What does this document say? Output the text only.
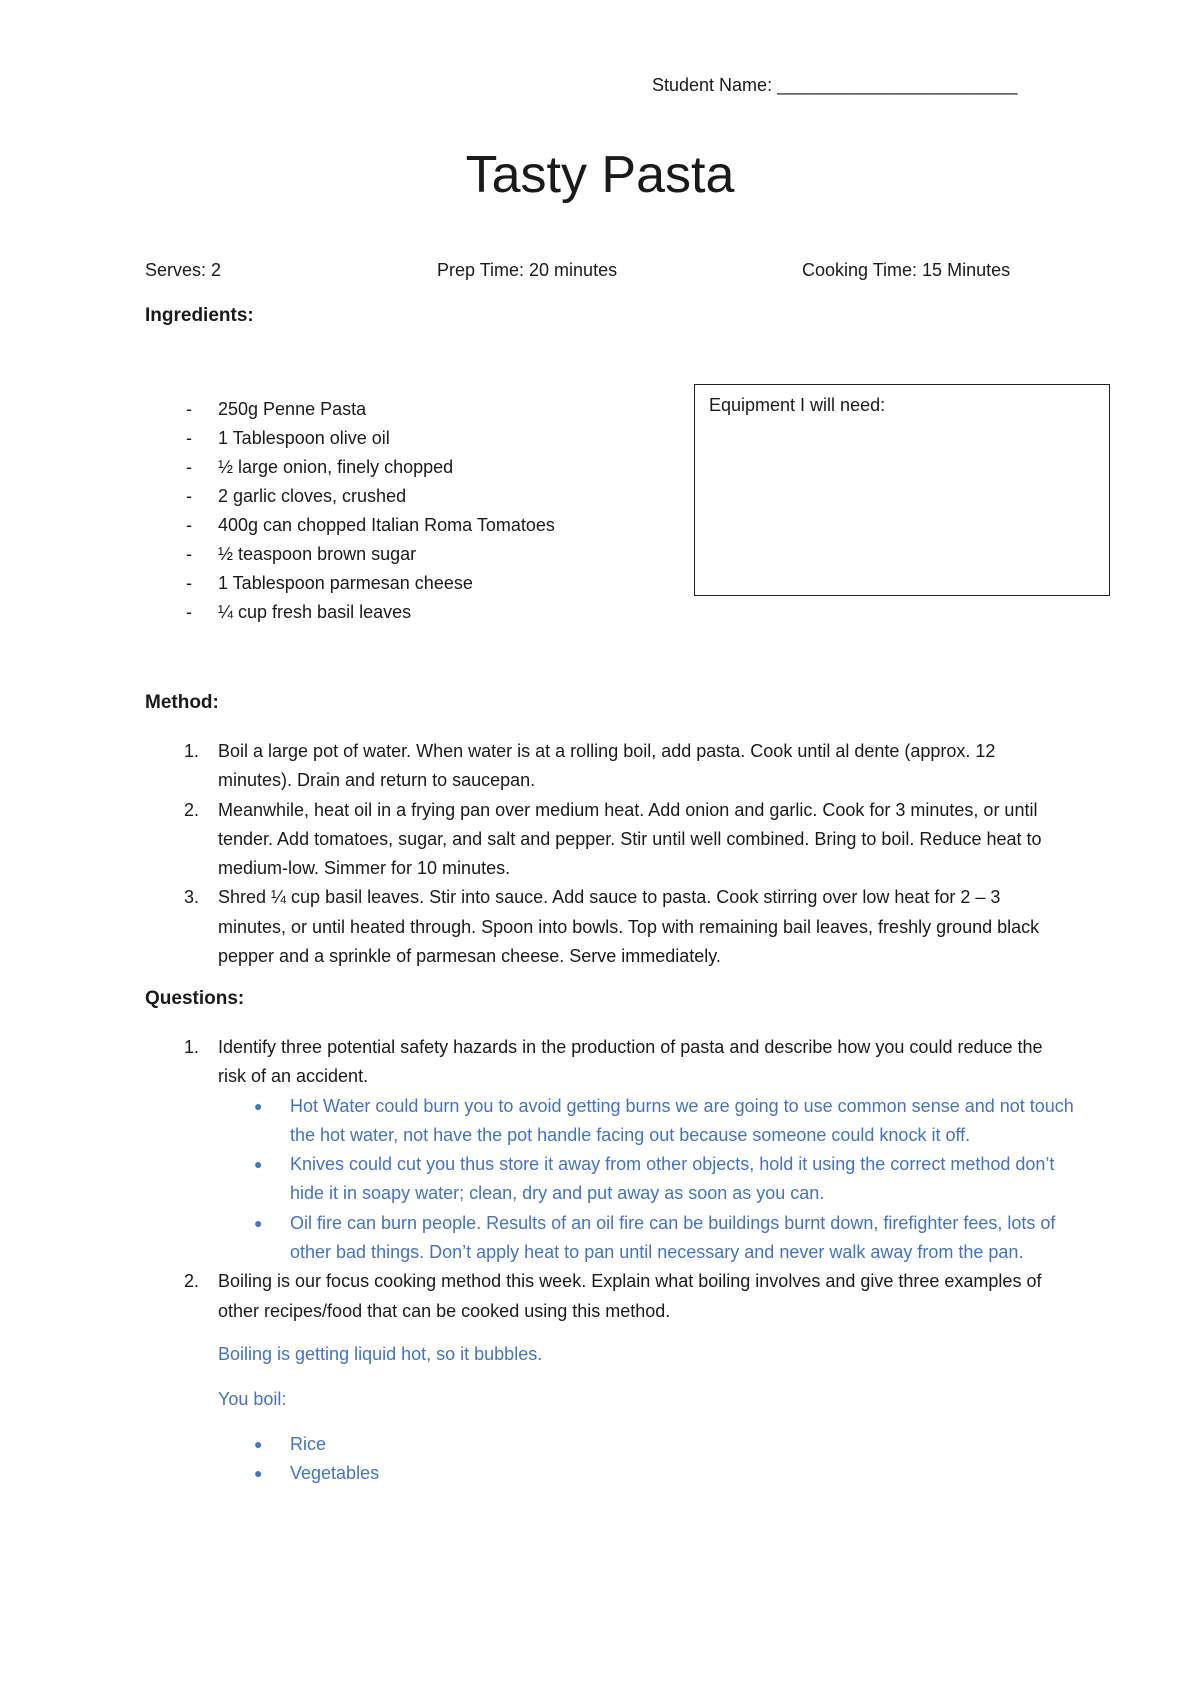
Student Name: ________________________
Tasty Pasta
Serves: 2	Prep Time: 20 minutes	Cooking Time: 15 Minutes
Ingredients:
- 250g Penne Pasta
- 1 Tablespoon olive oil
- ½ large onion, finely chopped
- 2 garlic cloves, crushed
- 400g can chopped Italian Roma Tomatoes
- ½ teaspoon brown sugar
- 1 Tablespoon parmesan cheese
- ¼ cup fresh basil leaves
Equipment I will need:
Method:
1. Boil a large pot of water. When water is at a rolling boil, add pasta. Cook until al dente (approx. 12 minutes). Drain and return to saucepan.
2. Meanwhile, heat oil in a frying pan over medium heat. Add onion and garlic. Cook for 3 minutes, or until tender. Add tomatoes, sugar, and salt and pepper. Stir until well combined. Bring to boil. Reduce heat to medium-low. Simmer for 10 minutes.
3. Shred ¼ cup basil leaves. Stir into sauce. Add sauce to pasta. Cook stirring over low heat for 2 – 3 minutes, or until heated through. Spoon into bowls. Top with remaining bail leaves, freshly ground black pepper and a sprinkle of parmesan cheese. Serve immediately.
Questions:
1. Identify three potential safety hazards in the production of pasta and describe how you could reduce the risk of an accident.
● Hot Water could burn you to avoid getting burns we are going to use common sense and not touch the hot water, not have the pot handle facing out because someone could knock it off.
● Knives could cut you thus store it away from other objects, hold it using the correct method don’t hide it in soapy water; clean, dry and put away as soon as you can.
● Oil fire can burn people. Results of an oil fire can be buildings burnt down, firefighter fees, lots of other bad things. Don’t apply heat to pan until necessary and never walk away from the pan.
2. Boiling is our focus cooking method this week. Explain what boiling involves and give three examples of other recipes/food that can be cooked using this method.
Boiling is getting liquid hot, so it bubbles.
You boil:
● Rice
● Vegetables
